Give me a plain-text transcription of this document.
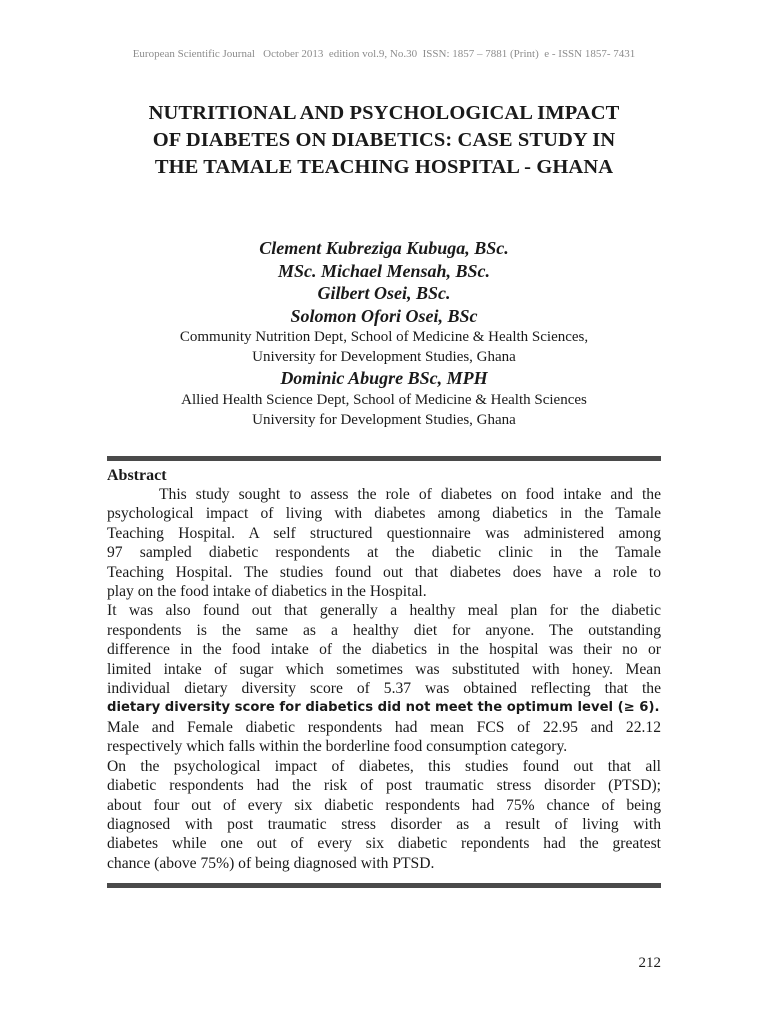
European Scientific Journal   October 2013  edition vol.9, No.30  ISSN: 1857 – 7881 (Print)  e - ISSN 1857- 7431
NUTRITIONAL AND PSYCHOLOGICAL IMPACT
OF DIABETES ON DIABETICS: CASE STUDY IN
THE TAMALE TEACHING HOSPITAL - GHANA
Clement Kubreziga Kubuga, BSc.
MSc. Michael Mensah, BSc.
Gilbert Osei, BSc.
Solomon Ofori Osei, BSc
Community Nutrition Dept, School of Medicine & Health Sciences,
University for Development Studies, Ghana
Dominic Abugre BSc, MPH
Allied Health Science Dept, School of Medicine & Health Sciences
University for Development Studies, Ghana
Abstract
This study sought to assess the role of diabetes on food intake and the
psychological impact of living with diabetes among diabetics in the Tamale
Teaching Hospital. A self structured questionnaire was administered among
97 sampled diabetic respondents at the diabetic clinic in the Tamale
Teaching Hospital. The studies found out that diabetes does have a role to
play on the food intake of diabetics in the Hospital.
It was also found out that generally a healthy meal plan for the diabetic
respondents is the same as a healthy diet for anyone. The outstanding
difference in the food intake of the diabetics in the hospital was their no or
limited intake of sugar which sometimes was substituted with honey. Mean
individual dietary diversity score of 5.37 was obtained reflecting that the
dietary diversity score for diabetics did not meet the optimum level (≥ 6).
Male and Female diabetic respondents had mean FCS of 22.95 and 22.12
respectively which falls within the borderline food consumption category.
On the psychological impact of diabetes, this studies found out that all
diabetic respondents had the risk of post traumatic stress disorder (PTSD);
about four out of every six diabetic respondents had 75% chance of being
diagnosed with post traumatic stress disorder as a result of living with
diabetes while one out of every six diabetic repondents had the greatest
chance (above 75%) of being diagnosed with PTSD.
212
